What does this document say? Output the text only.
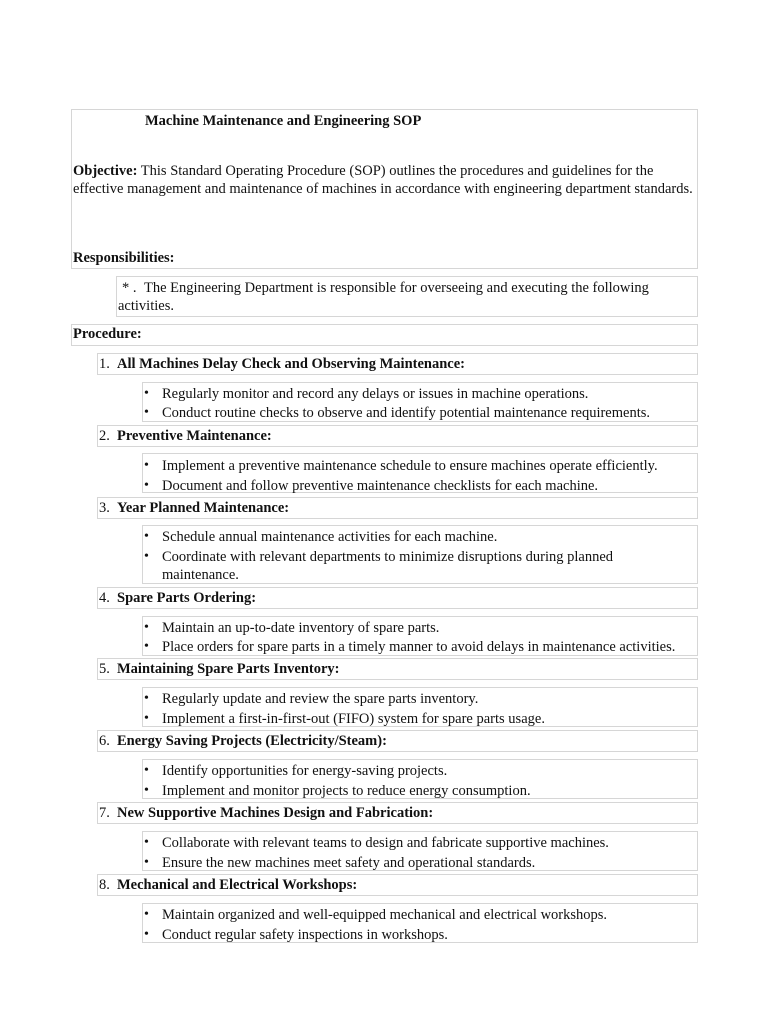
Machine Maintenance and Engineering SOP
Objective: This Standard Operating Procedure (SOP) outlines the procedures and guidelines for the effective management and maintenance of machines in accordance with engineering department standards.
Responsibilities:
* . The Engineering Department is responsible for overseeing and executing the following activities.
Procedure:
1. All Machines Delay Check and Observing Maintenance:
• Regularly monitor and record any delays or issues in machine operations.
• Conduct routine checks to observe and identify potential maintenance requirements.
2. Preventive Maintenance:
• Implement a preventive maintenance schedule to ensure machines operate efficiently.
• Document and follow preventive maintenance checklists for each machine.
3. Year Planned Maintenance:
• Schedule annual maintenance activities for each machine.
• Coordinate with relevant departments to minimize disruptions during planned maintenance.
4. Spare Parts Ordering:
• Maintain an up-to-date inventory of spare parts.
• Place orders for spare parts in a timely manner to avoid delays in maintenance activities.
5. Maintaining Spare Parts Inventory:
• Regularly update and review the spare parts inventory.
• Implement a first-in-first-out (FIFO) system for spare parts usage.
6. Energy Saving Projects (Electricity/Steam):
• Identify opportunities for energy-saving projects.
• Implement and monitor projects to reduce energy consumption.
7. New Supportive Machines Design and Fabrication:
• Collaborate with relevant teams to design and fabricate supportive machines.
• Ensure the new machines meet safety and operational standards.
8. Mechanical and Electrical Workshops:
• Maintain organized and well-equipped mechanical and electrical workshops.
• Conduct regular safety inspections in workshops.
